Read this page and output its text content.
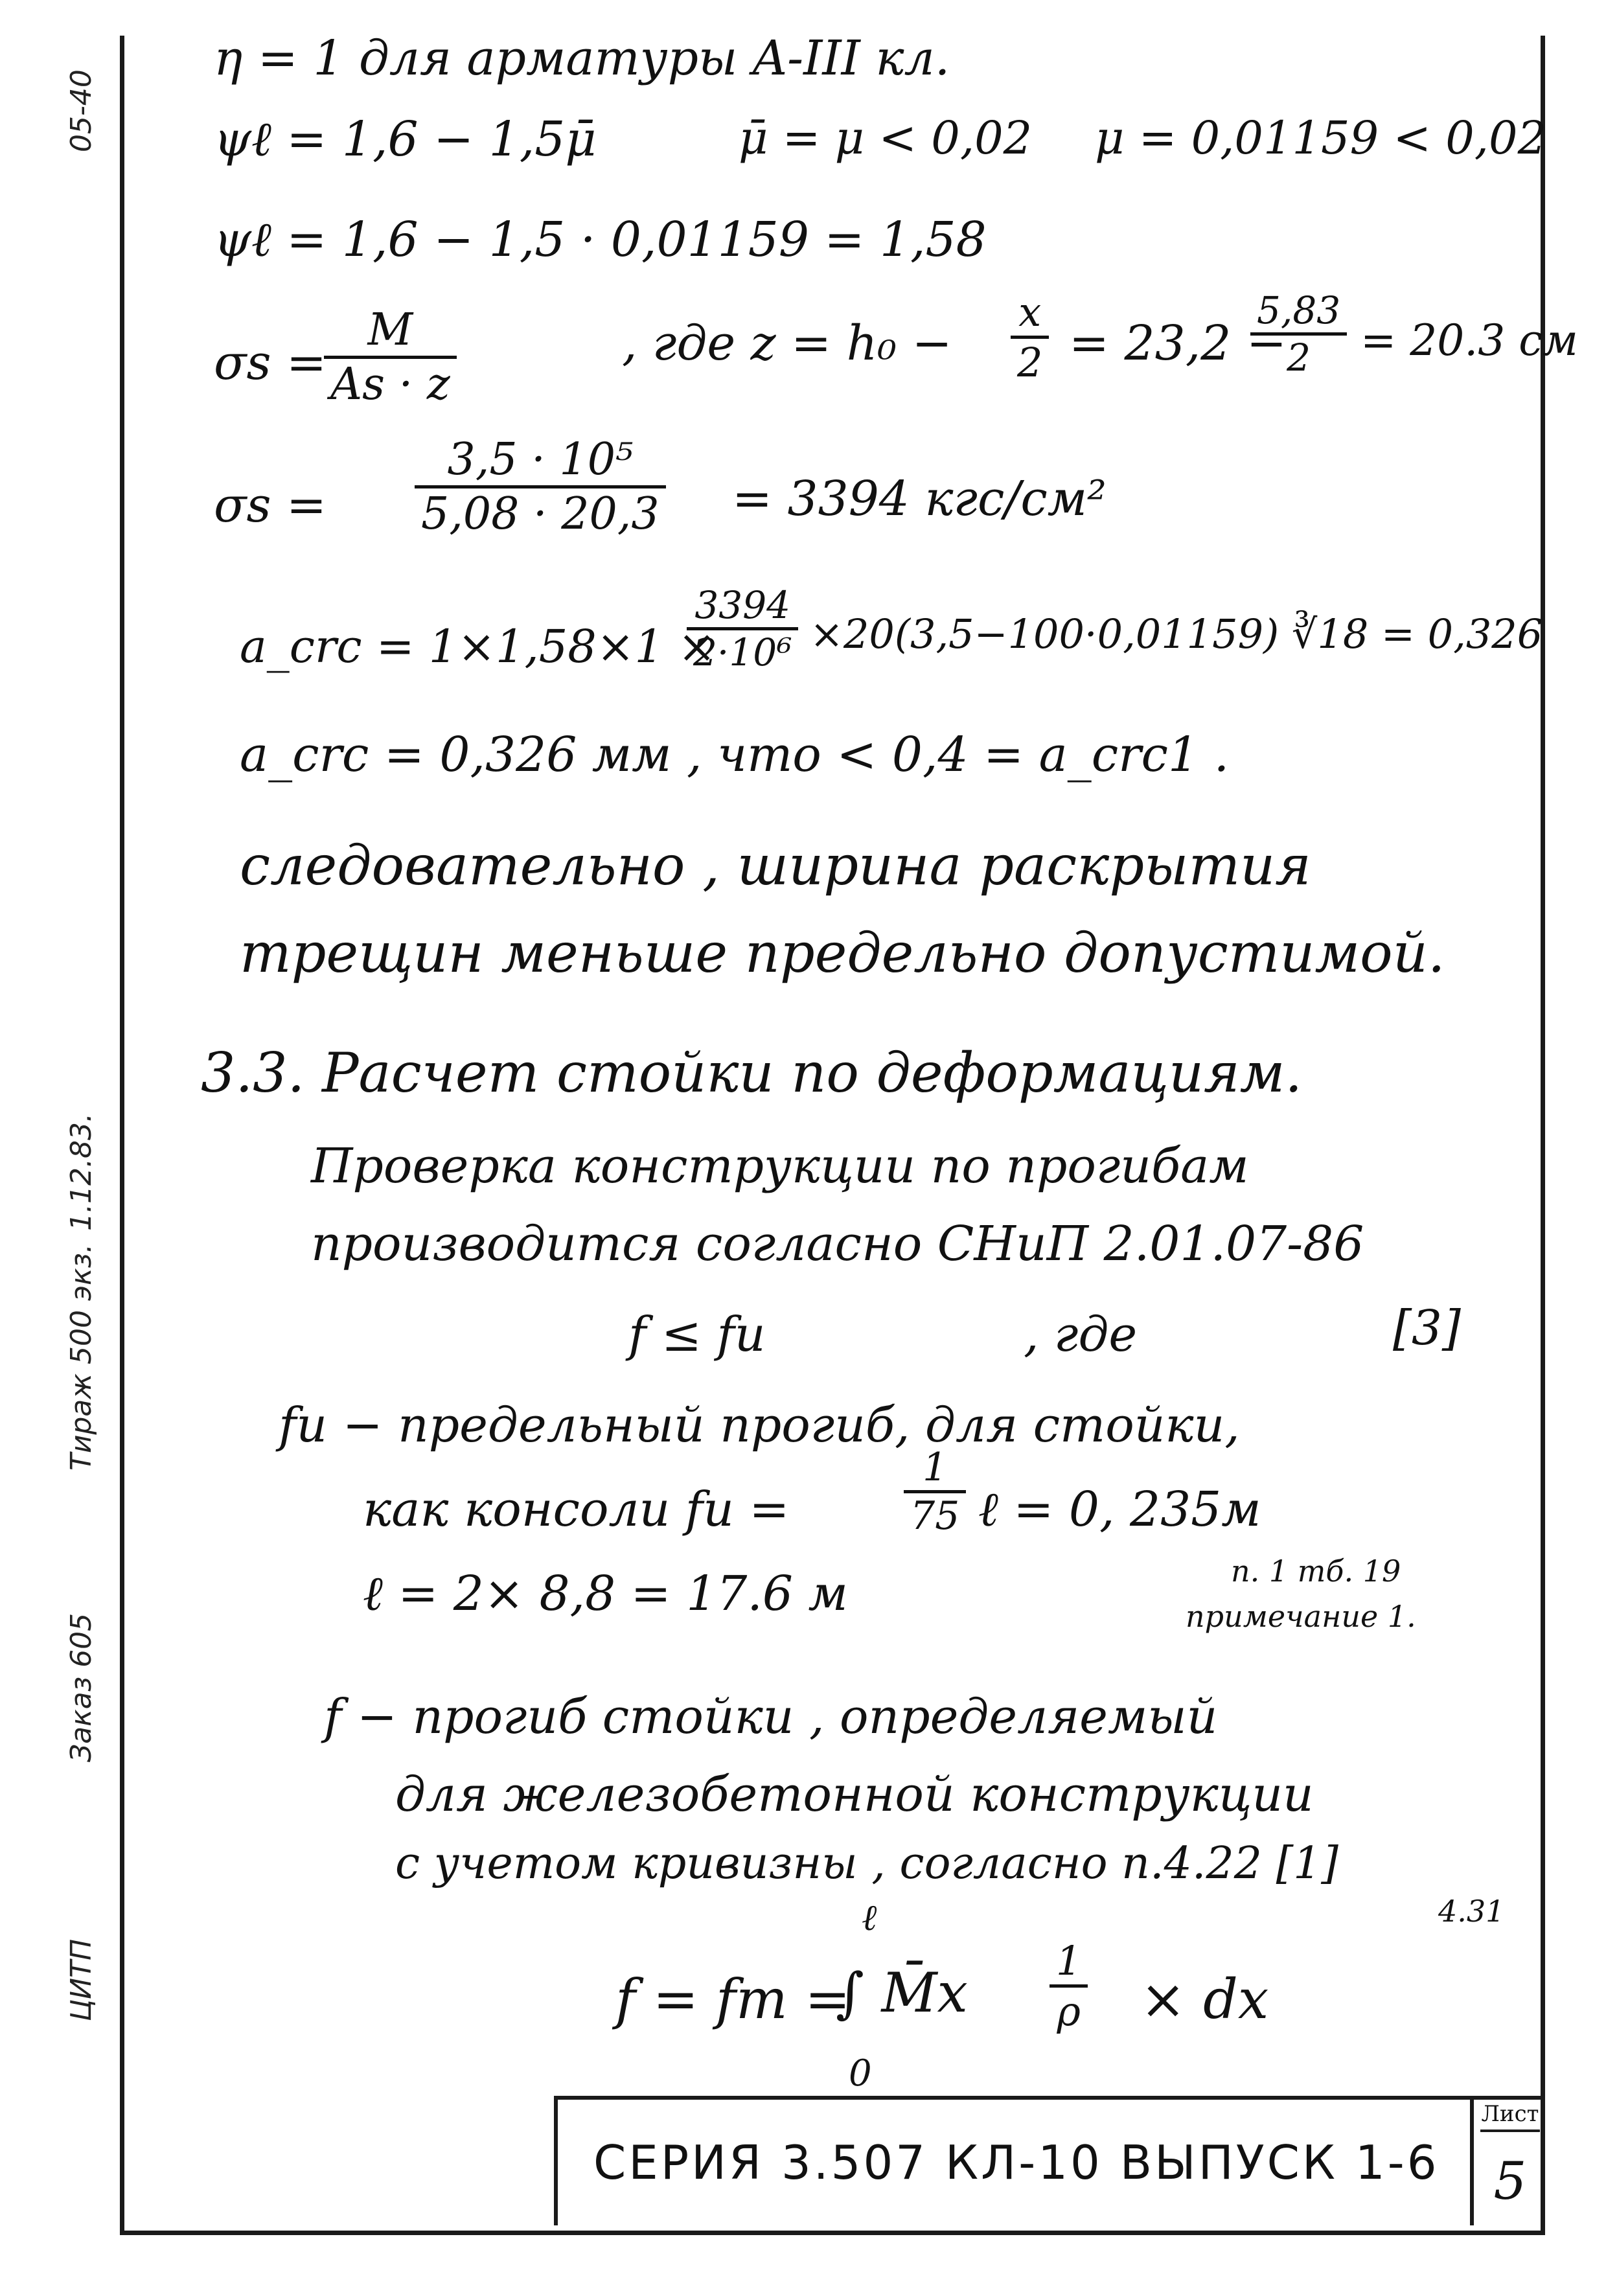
05-40
1.12.83.
Тираж 500 экз.
Заказ 605
ЦИТП
η = 1 для арматуры A-III кл.
ψℓ = 1,6 − 1,5μ̄	μ̄ = μ < 0,02 μ = 0,01159 < 0,02
ψℓ = 1,6 − 1,5 · 0,01159 = 1,58
σs =
$\frac{M}{As \cdot z}$	, где $z = h_0 - \frac{x}{2} = 23,2$ −
$\frac{5,83}{2} = 20.3$ см
$\sigma s = \frac{\text{3,5 · 10⁵}}{5,08 \cdot 20,3} = 3394$ кгс/см²
a_crc = 1×1,58×1 ×
$\frac{3394}{\text{2·10⁶}} \times 20(3,5-100\cdot 0,01159)$ ∛18 = 0,326
a_crc = 0,326 мм , что < 0,4 = a_crc1 .
следовательно , ширина раскрытия
трещин меньше предельно допустимой.
3.3. Расчет стойки по деформациям.
Проверка конструкции по прогибам
производится согласно СНиП 2.01.07-86
f ≤ fu	, где	[3]
fu − предельный прогиб, для стойки,
как консоли fu =	$\frac{1}{75}$ ℓ = 0, 235м
ℓ = 2× 8,8 = 17.6 м	п. 1 тб. 19
примечание 1.
f − прогиб стойки , определяемый
для железобетонной конструкции
с учетом кривизны , согласно п.4.22 [1]
4.31
f = fm =
ℓ
∫ M̄x
0
$\frac{1}{\rho}$ × dx
СЕРИЯ 3.507 КЛ-10 ВЫПУСК 1-6
Лист
5
